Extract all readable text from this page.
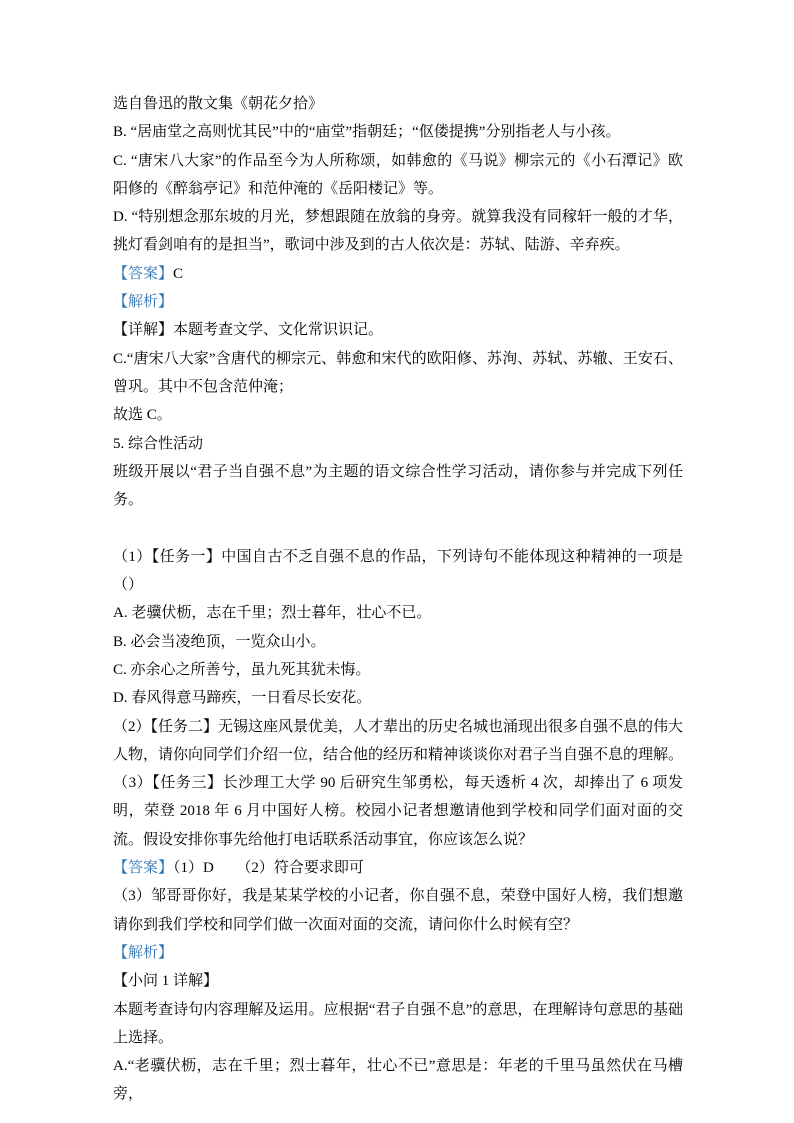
选自鲁迅的散文集《朝花夕拾》

B. “居庙堂之高则忧其民”中的“庙堂”指朝廷；“伛偻提携”分别指老人与小孩。

C. “唐宋八大家”的作品至今为人所称颂，如韩愈的《马说》柳宗元的《小石潭记》欧阳修的《醉翁亭记》和范仲淹的《岳阳楼记》等。

D. “特别想念那东坡的月光，梦想跟随在放翁的身旁。就算我没有同稼轩一般的才华，挑灯看剑咱有的是担当”，歌词中涉及到的古人依次是：苏轼、陆游、辛弃疾。

【答案】C

【解析】

【详解】本题考查文学、文化常识识记。

C.“唐宋八大家”含唐代的柳宗元、韩愈和宋代的欧阳修、苏洵、苏轼、苏辙、王安石、曾巩。其中不包含范仲淹；

故选 C。

5. 综合性活动

班级开展以“君子当自强不息”为主题的语文综合性学习活动，请你参与并完成下列任务。

（1）【任务一】中国自古不乏自强不息的作品，下列诗句不能体现这种精神的一项是（）

A. 老骥伏枥，志在千里；烈士暮年，壮心不已。

B. 必会当凌绝顶，一览众山小。

C. 亦余心之所善兮，虽九死其犹未悔。

D. 春风得意马蹄疾，一日看尽长安花。

（2）【任务二】无锡这座风景优美，人才辈出的历史名城也涌现出很多自强不息的伟大人物，请你向同学们介绍一位，结合他的经历和精神谈谈你对君子当自强不息的理解。

（3）【任务三】长沙理工大学 90 后研究生邹勇松，每天透析 4 次，却捧出了 6 项发明，荣登 2018 年 6 月中国好人榜。校园小记者想邀请他到学校和同学们面对面的交流。假设安排你事先给他打电话联系活动事宜，你应该怎么说？

【答案】（1）D　　（2）符合要求即可

（3）邹哥哥你好，我是某某学校的小记者，你自强不息，荣登中国好人榜，我们想邀请你到我们学校和同学们做一次面对面的交流，请问你什么时候有空？

【解析】

【小问 1 详解】

本题考查诗句内容理解及运用。应根据“君子自强不息”的意思，在理解诗句意思的基础上选择。

A.“老骥伏枥，志在千里；烈士暮年，壮心不已”意思是：年老的千里马虽然伏在马槽旁，
